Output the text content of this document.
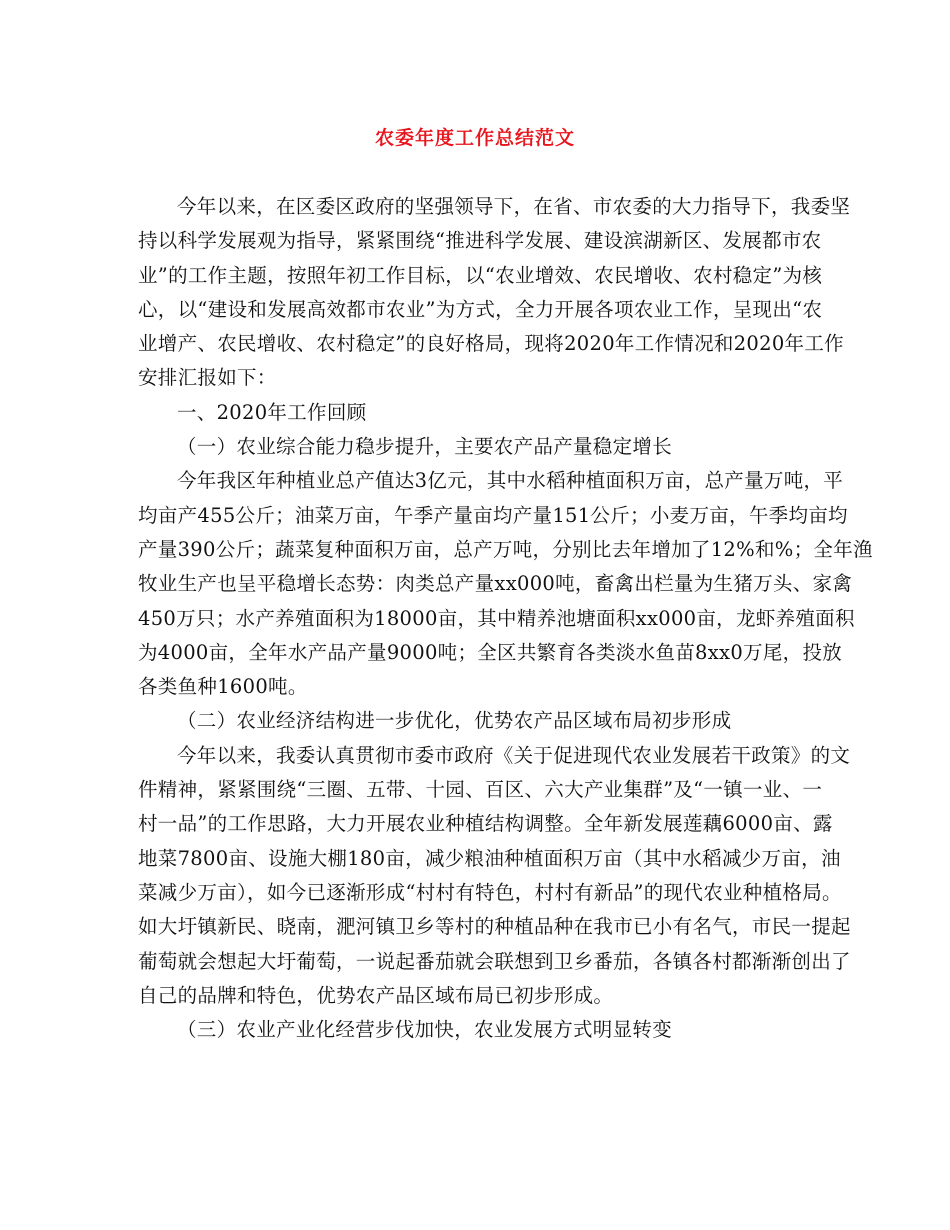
农委年度工作总结范文
今年以来，在区委区政府的坚强领导下，在省、市农委的大力指导下，我委坚
持以科学发展观为指导，紧紧围绕“推进科学发展、建设滨湖新区、发展都市农
业”的工作主题，按照年初工作目标，以“农业增效、农民增收、农村稳定”为核
心，以“建设和发展高效都市农业”为方式，全力开展各项农业工作，呈现出“农
业增产、农民增收、农村稳定”的良好格局，现将2020年工作情况和2020年工作
安排汇报如下：
一、2020年工作回顾
（一）农业综合能力稳步提升，主要农产品产量稳定增长
今年我区年种植业总产值达3亿元，其中水稻种植面积万亩，总产量万吨，平
均亩产455公斤；油菜万亩，午季产量亩均产量151公斤；小麦万亩，午季均亩均
产量390公斤；蔬菜复种面积万亩，总产万吨，分别比去年增加了12%和%；全年渔
牧业生产也呈平稳增长态势：肉类总产量xx000吨，畜禽出栏量为生猪万头、家禽
450万只；水产养殖面积为18000亩，其中精养池塘面积xx000亩，龙虾养殖面积
为4000亩，全年水产品产量9000吨；全区共繁育各类淡水鱼苗8xx0万尾，投放
各类鱼种1600吨。
（二）农业经济结构进一步优化，优势农产品区域布局初步形成
今年以来，我委认真贯彻市委市政府《关于促进现代农业发展若干政策》的文
件精神，紧紧围绕“三圈、五带、十园、百区、六大产业集群”及“一镇一业、一
村一品”的工作思路，大力开展农业种植结构调整。全年新发展莲藕6000亩、露
地菜7800亩、设施大棚180亩，减少粮油种植面积万亩（其中水稻减少万亩，油
菜减少万亩），如今已逐渐形成“村村有特色，村村有新品”的现代农业种植格局。
如大圩镇新民、晓南，淝河镇卫乡等村的种植品种在我市已小有名气，市民一提起
葡萄就会想起大圩葡萄，一说起番茄就会联想到卫乡番茄，各镇各村都渐渐创出了
自己的品牌和特色，优势农产品区域布局已初步形成。
（三）农业产业化经营步伐加快，农业发展方式明显转变
